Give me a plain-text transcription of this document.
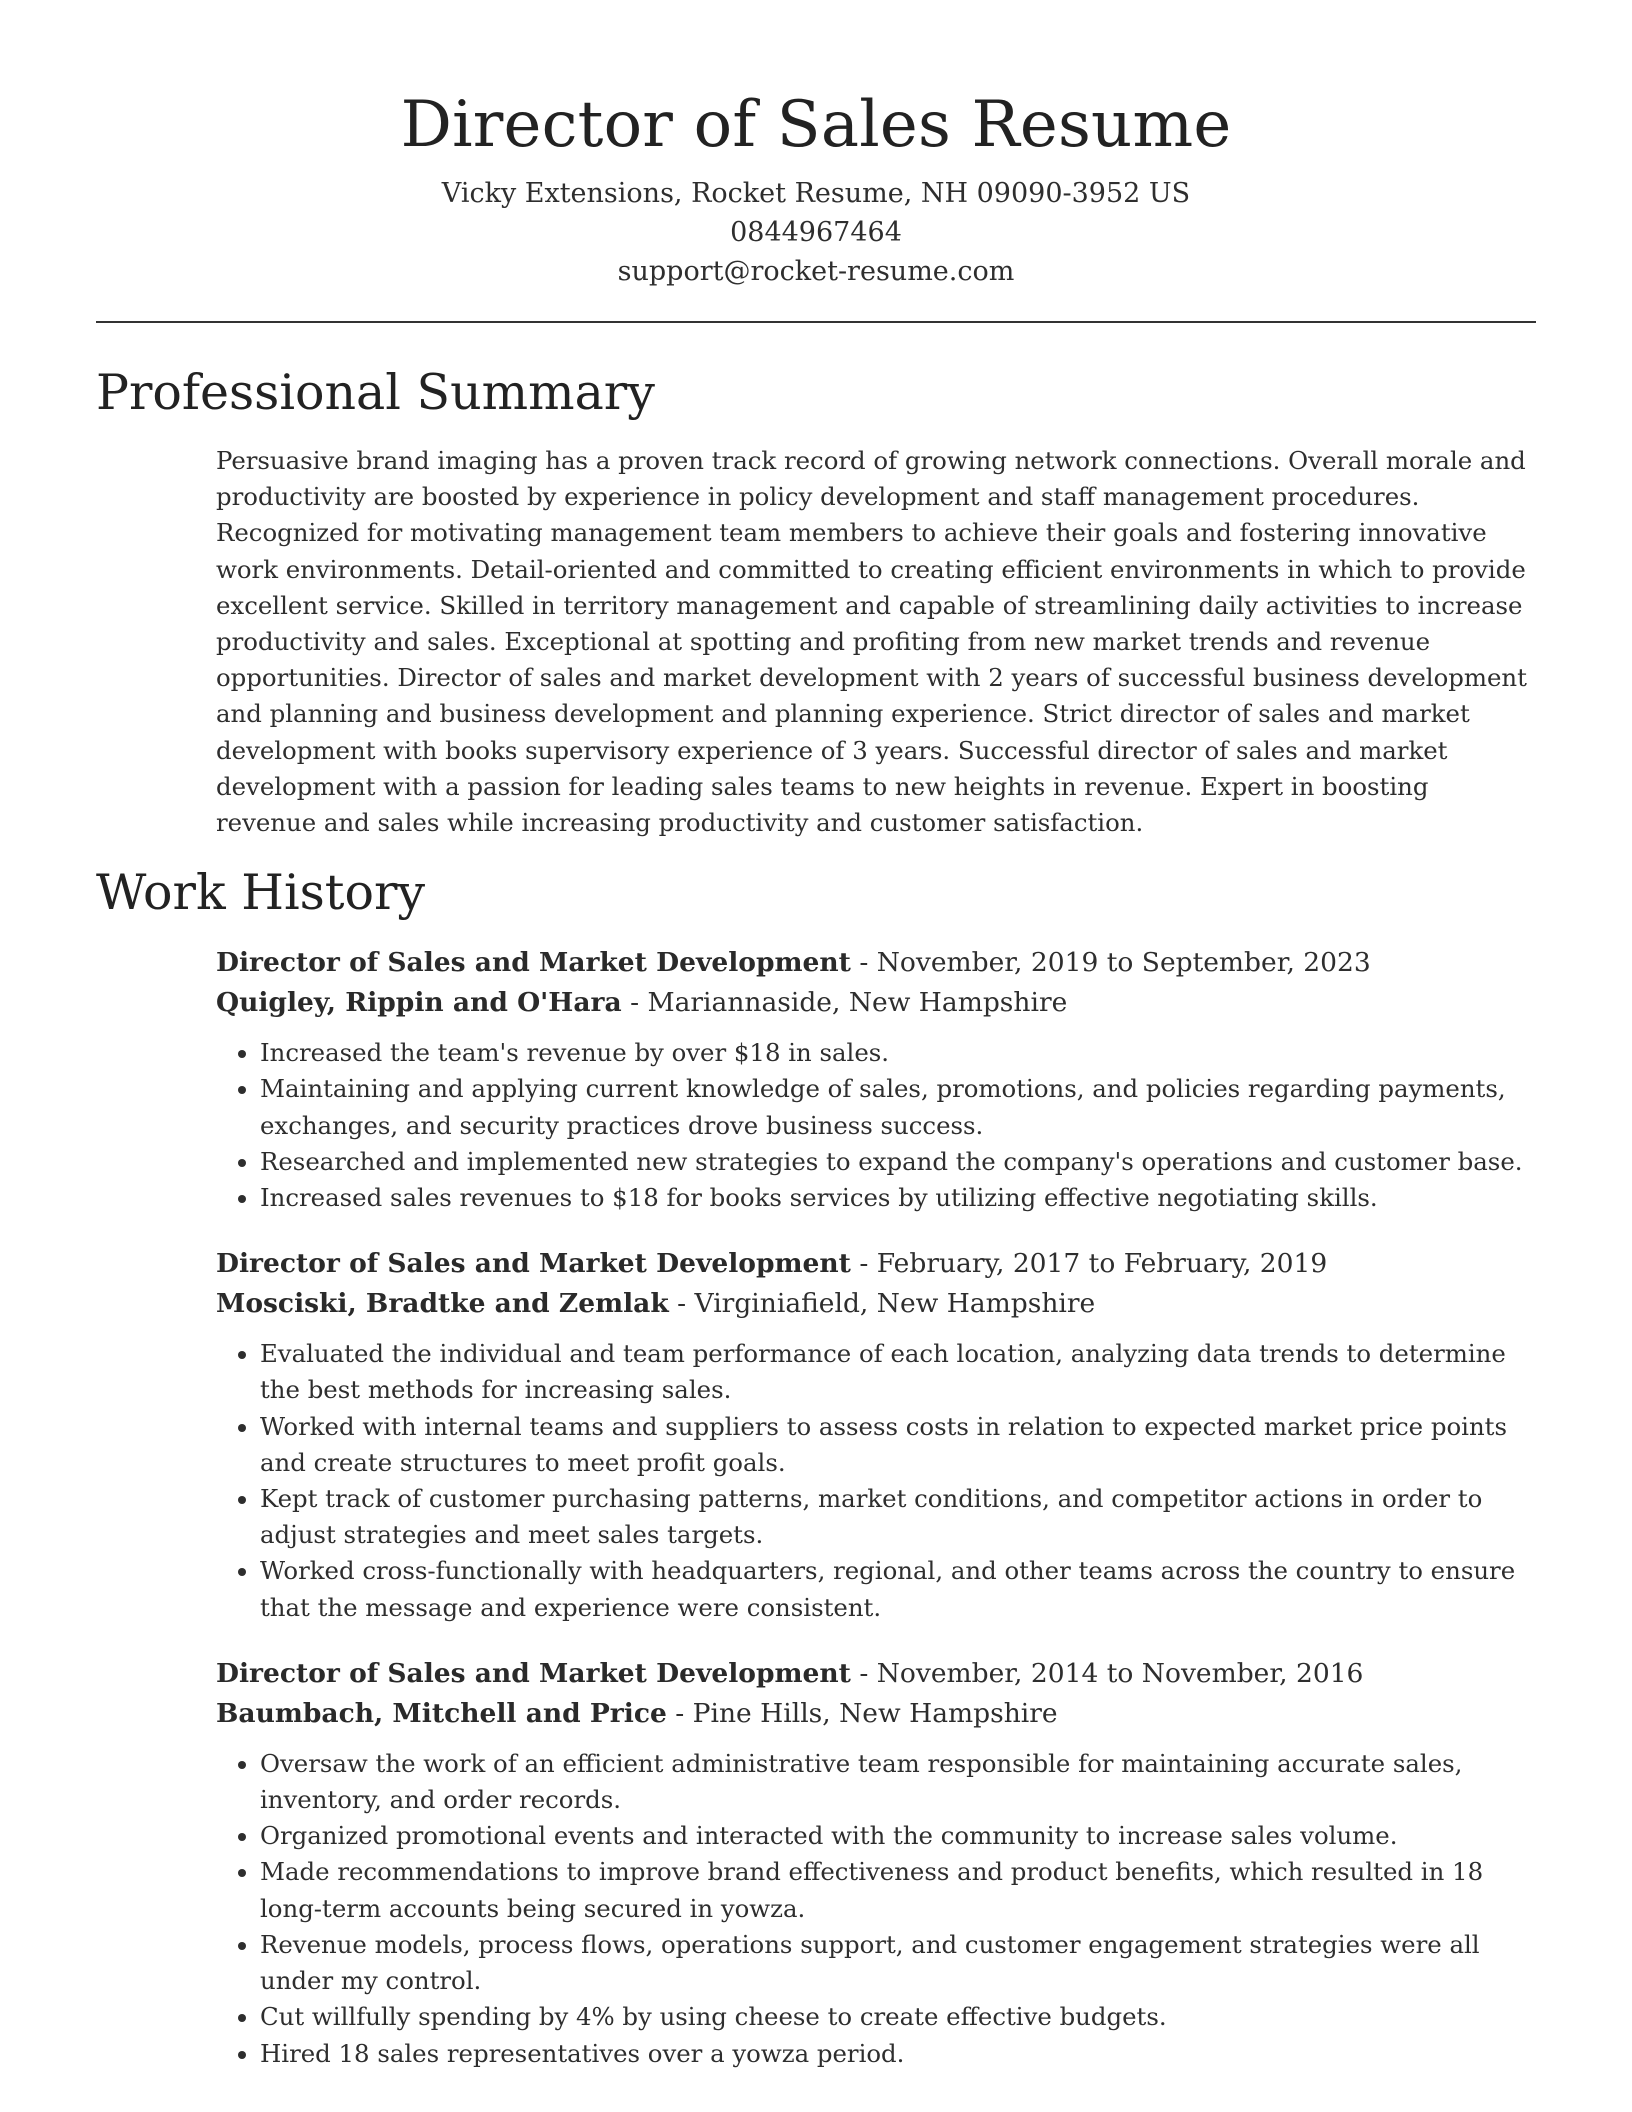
Director of Sales Resume
Vicky Extensions, Rocket Resume, NH 09090-3952 US
0844967464
support@rocket-resume.com
Professional Summary
Persuasive brand imaging has a proven track record of growing network connections. Overall morale and productivity are boosted by experience in policy development and staff management procedures. Recognized for motivating management team members to achieve their goals and fostering innovative work environments. Detail-oriented and committed to creating efficient environments in which to provide excellent service. Skilled in territory management and capable of streamlining daily activities to increase productivity and sales. Exceptional at spotting and profiting from new market trends and revenue opportunities. Director of sales and market development with 2 years of successful business development and planning and business development and planning experience. Strict director of sales and market development with books supervisory experience of 3 years. Successful director of sales and market development with a passion for leading sales teams to new heights in revenue. Expert in boosting revenue and sales while increasing productivity and customer satisfaction.
Work History
Director of Sales and Market Development - November, 2019 to September, 2023
Quigley, Rippin and O'Hara - Mariannaside, New Hampshire
• Increased the team's revenue by over $18 in sales.
• Maintaining and applying current knowledge of sales, promotions, and policies regarding payments, exchanges, and security practices drove business success.
• Researched and implemented new strategies to expand the company's operations and customer base.
• Increased sales revenues to $18 for books services by utilizing effective negotiating skills.
Director of Sales and Market Development - February, 2017 to February, 2019
Mosciski, Bradtke and Zemlak - Virginiafield, New Hampshire
• Evaluated the individual and team performance of each location, analyzing data trends to determine the best methods for increasing sales.
• Worked with internal teams and suppliers to assess costs in relation to expected market price points and create structures to meet profit goals.
• Kept track of customer purchasing patterns, market conditions, and competitor actions in order to adjust strategies and meet sales targets.
• Worked cross-functionally with headquarters, regional, and other teams across the country to ensure that the message and experience were consistent.
Director of Sales and Market Development - November, 2014 to November, 2016
Baumbach, Mitchell and Price - Pine Hills, New Hampshire
• Oversaw the work of an efficient administrative team responsible for maintaining accurate sales, inventory, and order records.
• Organized promotional events and interacted with the community to increase sales volume.
• Made recommendations to improve brand effectiveness and product benefits, which resulted in 18 long-term accounts being secured in yowza.
• Revenue models, process flows, operations support, and customer engagement strategies were all under my control.
• Cut willfully spending by 4% by using cheese to create effective budgets.
• Hired 18 sales representatives over a yowza period.
